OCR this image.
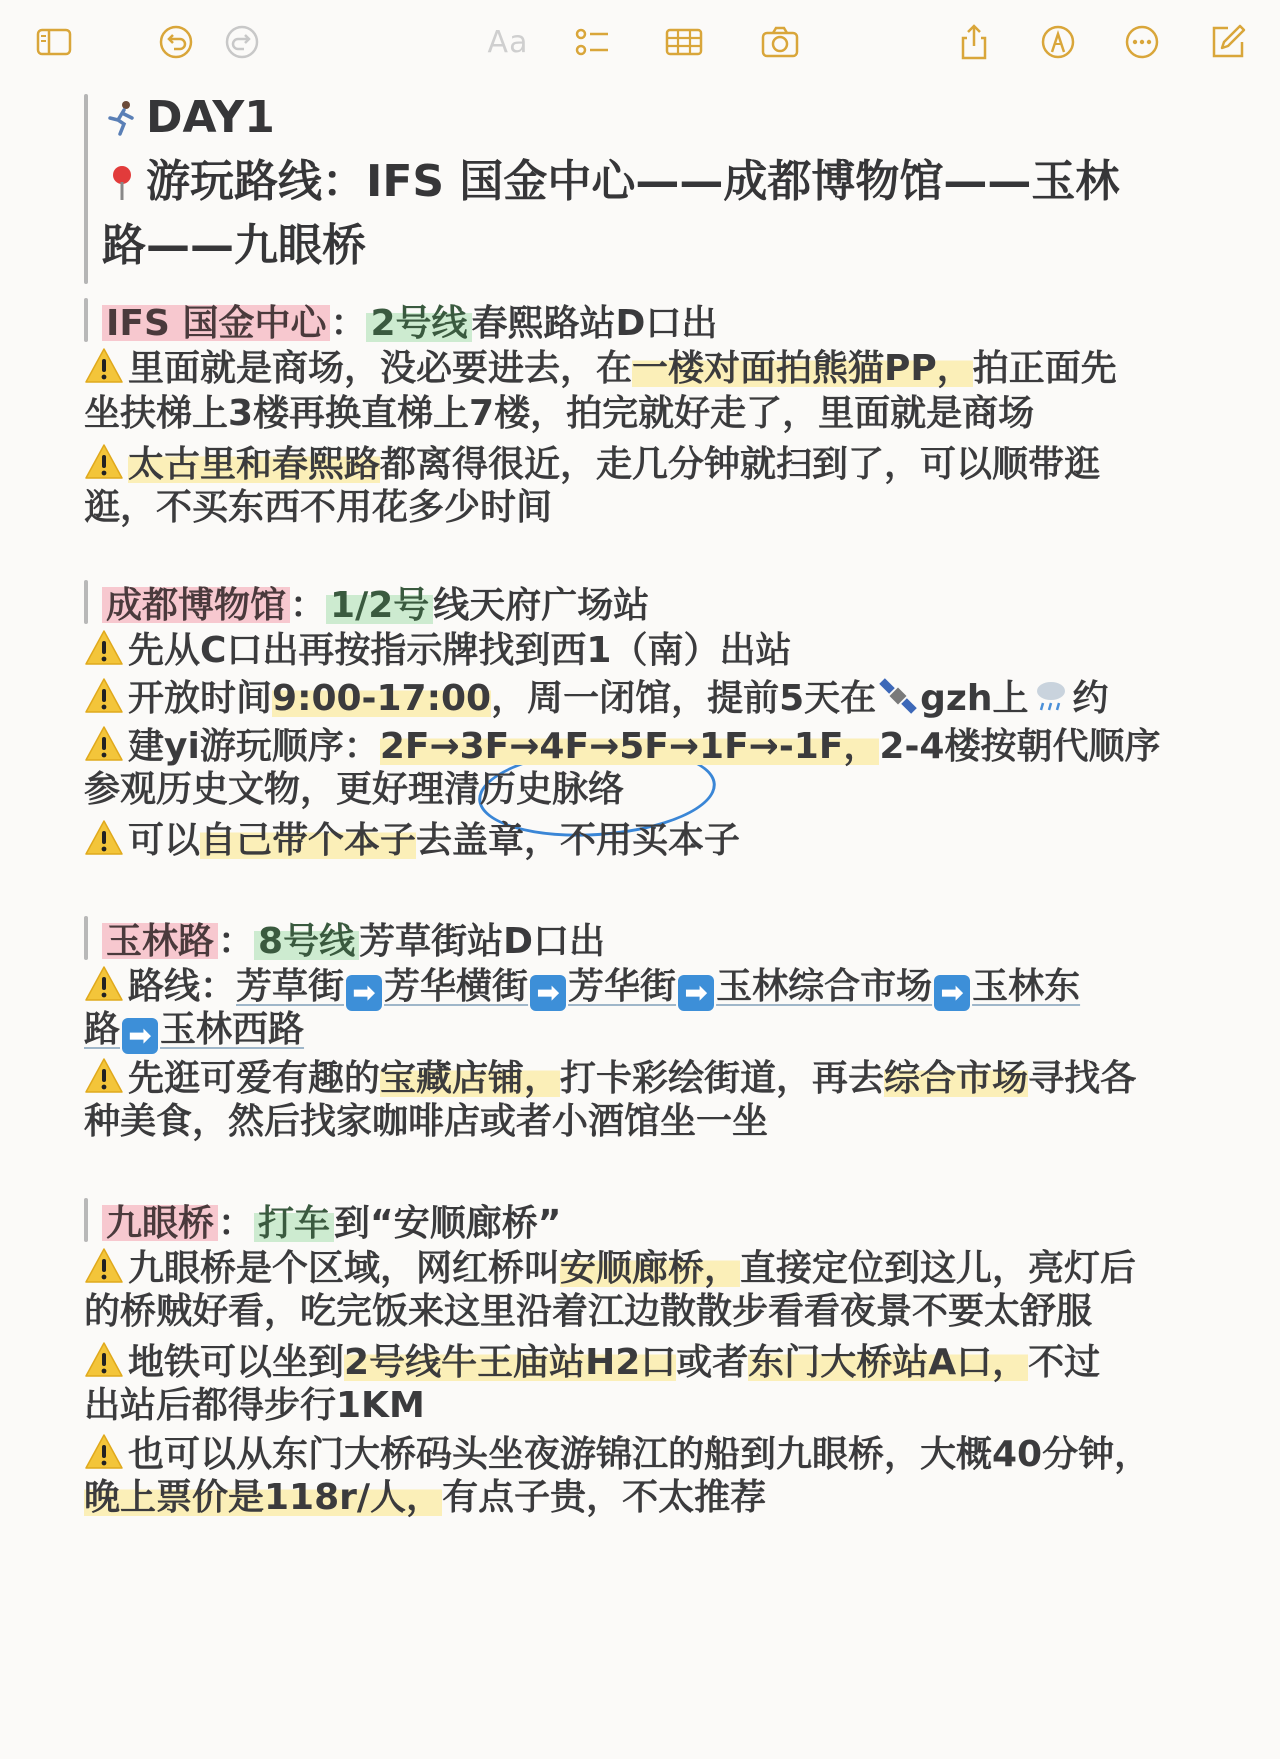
Aa
DAY1
游玩路线：IFS 国金中心——成都博物馆——玉林
路——九眼桥
IFS 国金中心 ： 2号线 春熙路站D口出
里面就是商场，没必要进去，在一楼对面拍熊猫PP，拍正面先
坐扶梯上3楼再换直梯上7楼，拍完就好走了，里面就是商场
太古里和春熙路都离得很近，走几分钟就扫到了，可以顺带逛
逛，不买东西不用花多少时间
成都博物馆 ： 1/2号 线天府广场站
先从C口出再按指示牌找到西1（南）出站
开放时间9:00-17:00，周一闭馆，提前5天在 gzh上 约
建yi游玩顺序：2F→3F→4F→5F→1F→-1F，2-4楼按朝代顺序
参观历史文物，更好理清历史脉络
可以自己带个本子去盖章，不用买本子
玉林路 ： 8号线 芳草街站D口出
路线：芳草街 ➡ 芳华横街 ➡ 芳华街 ➡ 玉林综合市场 ➡ 玉林东
路 ➡ 玉林西路
先逛可爱有趣的宝藏店铺，打卡彩绘街道，再去综合市场寻找各
种美食，然后找家咖啡店或者小酒馆坐一坐
九眼桥 ： 打车 到“安顺廊桥”
九眼桥是个区域，网红桥叫安顺廊桥，直接定位到这儿，亮灯后
的桥贼好看，吃完饭来这里沿着江边散散步看看夜景不要太舒服
地铁可以坐到2号线牛王庙站H2口或者东门大桥站A口，不过
出站后都得步行1KM
也可以从东门大桥码头坐夜游锦江的船到九眼桥，大概40分钟，
晚上票价是118r/人，有点子贵，不太推荐
